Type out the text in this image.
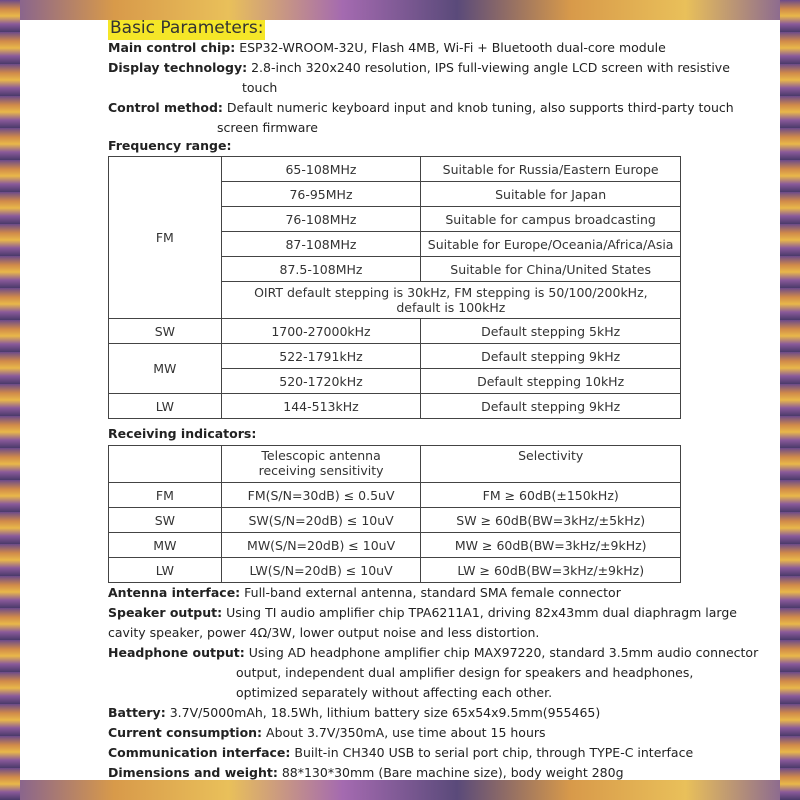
Basic Parameters:
Main control chip: ESP32-WROOM-32U, Flash 4MB, Wi-Fi + Bluetooth dual-core module
Display technology: 2.8-inch 320x240 resolution, IPS full-viewing angle LCD screen with resistive
touch
Control method: Default numeric keyboard input and knob tuning, also supports third-party touch
screen firmware
Frequency range:
FM	65-108MHz	Suitable for Russia/Eastern Europe
	76-95MHz	Suitable for Japan
	76-108MHz	Suitable for campus broadcasting
	87-108MHz	Suitable for Europe/Oceania/Africa/Asia
	87.5-108MHz	Suitable for China/United States

	OIRT default stepping is 30kHz, FM stepping is 50/100/200kHz,
default is 100kHz	

SW	1700-27000kHz	Default stepping 5kHz
MW	522-1791kHz	Default stepping 9kHz
	520-1720kHz	Default stepping 10kHz
LW	144-513kHz	Default stepping 9kHz
Receiving indicators:

	Telescopic antenna
receiving sensitivity	Selectivity
FM	FM(S/N=30dB) ≤ 0.5uV	FM ≥ 60dB(±150kHz)
SW	SW(S/N=20dB) ≤ 10uV	SW ≥ 60dB(BW=3kHz/±5kHz)
MW	MW(S/N=20dB) ≤ 10uV	MW ≥ 60dB(BW=3kHz/±9kHz)
LW	LW(S/N=20dB) ≤ 10uV	LW ≥ 60dB(BW=3kHz/±9kHz)
Antenna interface: Full-band external antenna, standard SMA female connector
Speaker output: Using TI audio amplifier chip TPA6211A1, driving 82x43mm dual diaphragm large
cavity speaker, power 4Ω/3W, lower output noise and less distortion.
Headphone output: Using AD headphone amplifier chip MAX97220, standard 3.5mm audio connector
output, independent dual amplifier design for speakers and headphones,
optimized separately without affecting each other.
Battery: 3.7V/5000mAh, 18.5Wh, lithium battery size 65x54x9.5mm(955465)
Current consumption: About 3.7V/350mA, use time about 15 hours
Communication interface: Built-in CH340 USB to serial port chip, through TYPE-C interface
Dimensions and weight: 88*130*30mm (Bare machine size), body weight 280g
